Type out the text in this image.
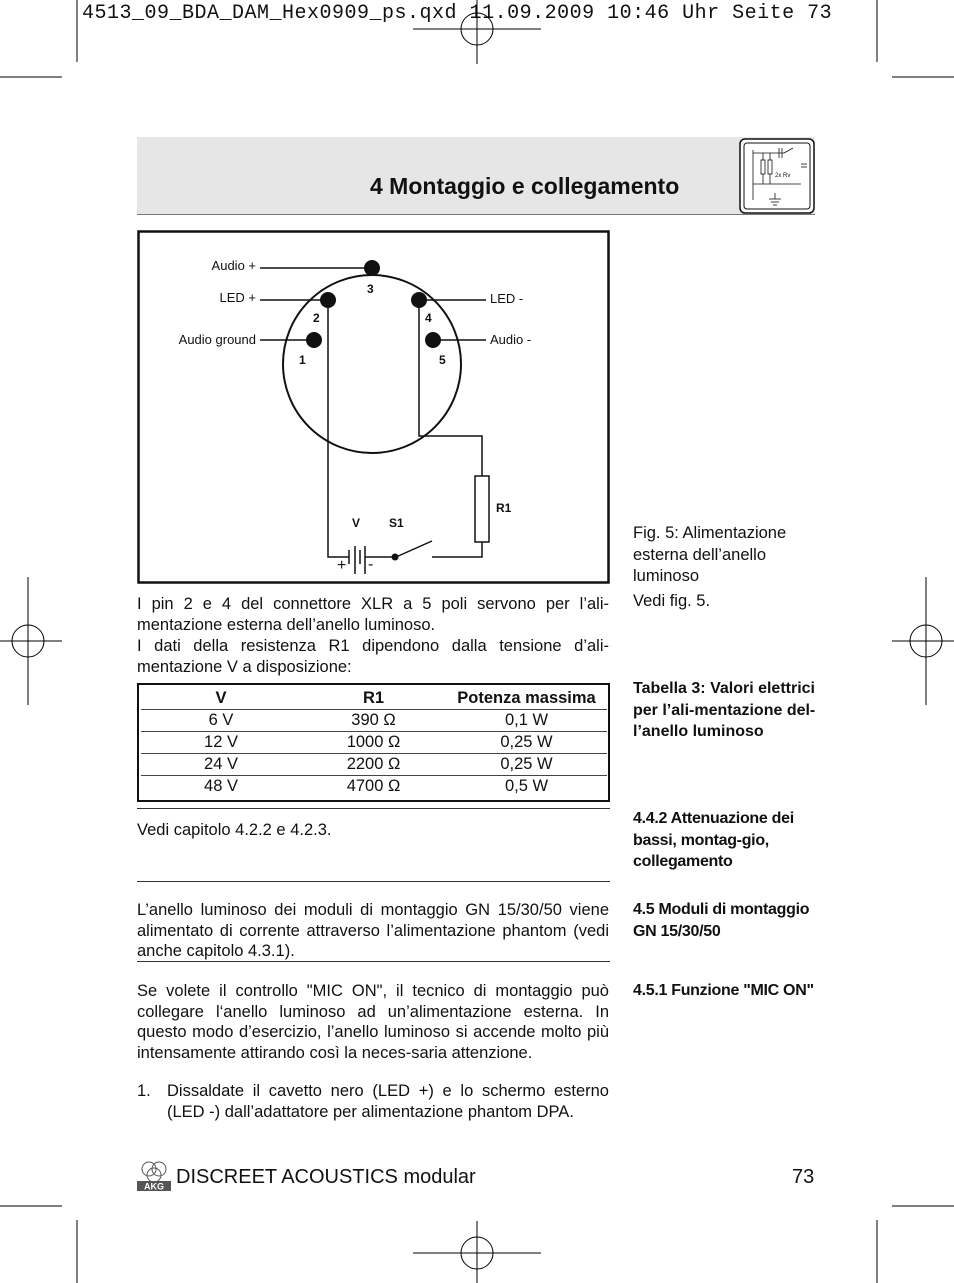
4513_09_BDA_DAM_Hex0909_ps.qxd 11.09.2009 10:46 Uhr Seite 73
4 Montaggio e collegamento	2x Rv
Audio +
LED +
Audio ground
LED -
Audio -
3
2	4
1	5
R1
V S1
+ -
Fig. 5: Alimentazione esterna dell’anello luminoso
Vedi fig. 5.
Tabella 3: Valori elettrici per l’ali-mentazione del-l’anello luminoso
4.4.2 Attenuazione dei bassi, montag-gio, collegamento
4.5 Moduli di montaggio GN 15/30/50
4.5.1 Funzione "MIC ON"
I pin 2 e 4 del connettore XLR a 5 poli servono per l’ali-mentazione esterna dell’anello luminoso.
I dati della resistenza R1 dipendono dalla tensione d’ali-mentazione V a disposizione:
V	R1	Potenza massima
6 V	390 Ω	0,1 W
12 V	1000 Ω	0,25 W
24 V	2200 Ω	0,25 W
48 V	4700 Ω	0,5 W
Vedi capitolo 4.2.2 e 4.2.3.
L’anello luminoso dei moduli di montaggio GN 15/30/50 viene alimentato di corrente attraverso l’alimentazione phantom (vedi anche capitolo 4.3.1).
Se volete il controllo "MIC ON", il tecnico di montaggio può collegare l‘anello luminoso ad un’alimentazione esterna. In questo modo d’esercizio, l’anello luminoso si accende molto più intensamente attirando così la neces-saria attenzione.
1. Dissaldate il cavetto nero (LED +) e lo schermo esterno (LED -) dall’adattatore per alimentazione phantom DPA.
AKG DISCREET ACOUSTICS modular	73
